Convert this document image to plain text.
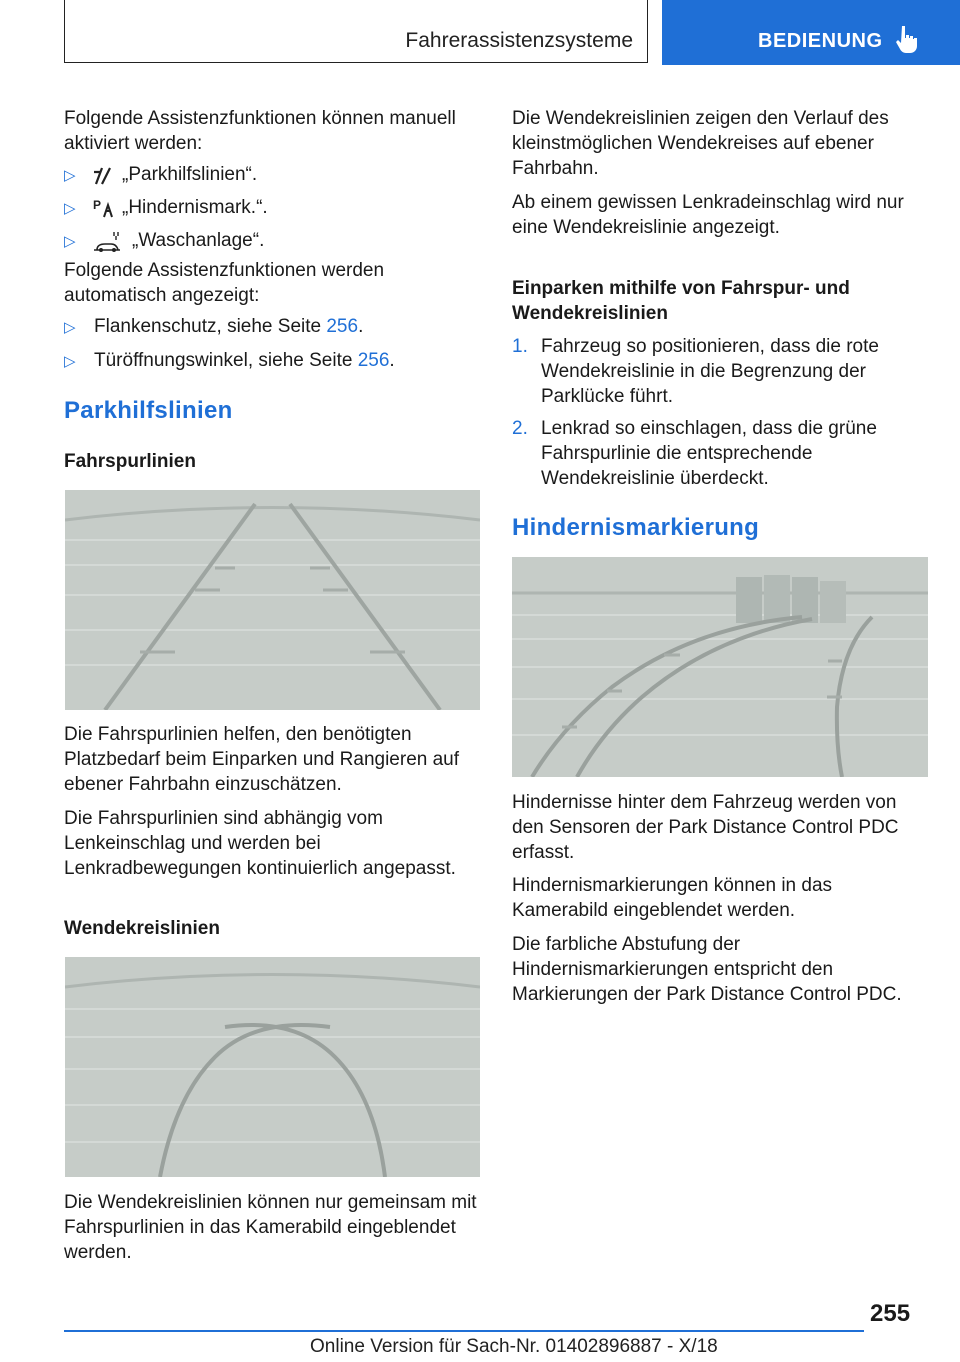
Fahrerassistenzsysteme	BEDIENUNG

Folgende Assistenzfunktionen können manuell aktiviert werden:

▷ „Parkhilfslinien“.
▷ P „Hindernismark.“.
▷	„Waschanlage“.

Folgende Assistenzfunktionen werden automatisch angezeigt:

▷ Flankenschutz, siehe Seite 256.
▷ Türöffnungswinkel, siehe Seite 256.
Parkhilfslinien
Fahrspurlinien

Die Fahrspurlinien helfen, den benötigten Platzbedarf beim Einparken und Rangieren auf ebener Fahrbahn einzuschätzen.

Die Fahrspurlinien sind abhängig vom Lenkeinschlag und werden bei Lenkradbewegungen kontinuierlich angepasst.

Wendekreislinien

Die Wendekreislinien können nur gemeinsam mit Fahrspurlinien in das Kamerabild eingeblendet werden.

Die Wendekreislinien zeigen den Verlauf des kleinstmöglichen Wendekreises auf ebener Fahrbahn.

Ab einem gewissen Lenkradeinschlag wird nur eine Wendekreislinie angezeigt.

Einparken mithilfe von Fahrspur- und Wendekreislinien
1. Fahrzeug so positionieren, dass die rote Wendekreislinie in die Begrenzung der Parklücke führt.
2. Lenkrad so einschlagen, dass die grüne Fahrspurlinie die entsprechende Wendekreislinie überdeckt.
Hindernismarkierung

Hindernisse hinter dem Fahrzeug werden von den Sensoren der Park Distance Control PDC erfasst.

Hindernismarkierungen können in das Kamerabild eingeblendet werden.

Die farbliche Abstufung der Hindernismarkierungen entspricht den Markierungen der Park Distance Control PDC.

255
Online Version für Sach-Nr. 01402896887 - X/18
